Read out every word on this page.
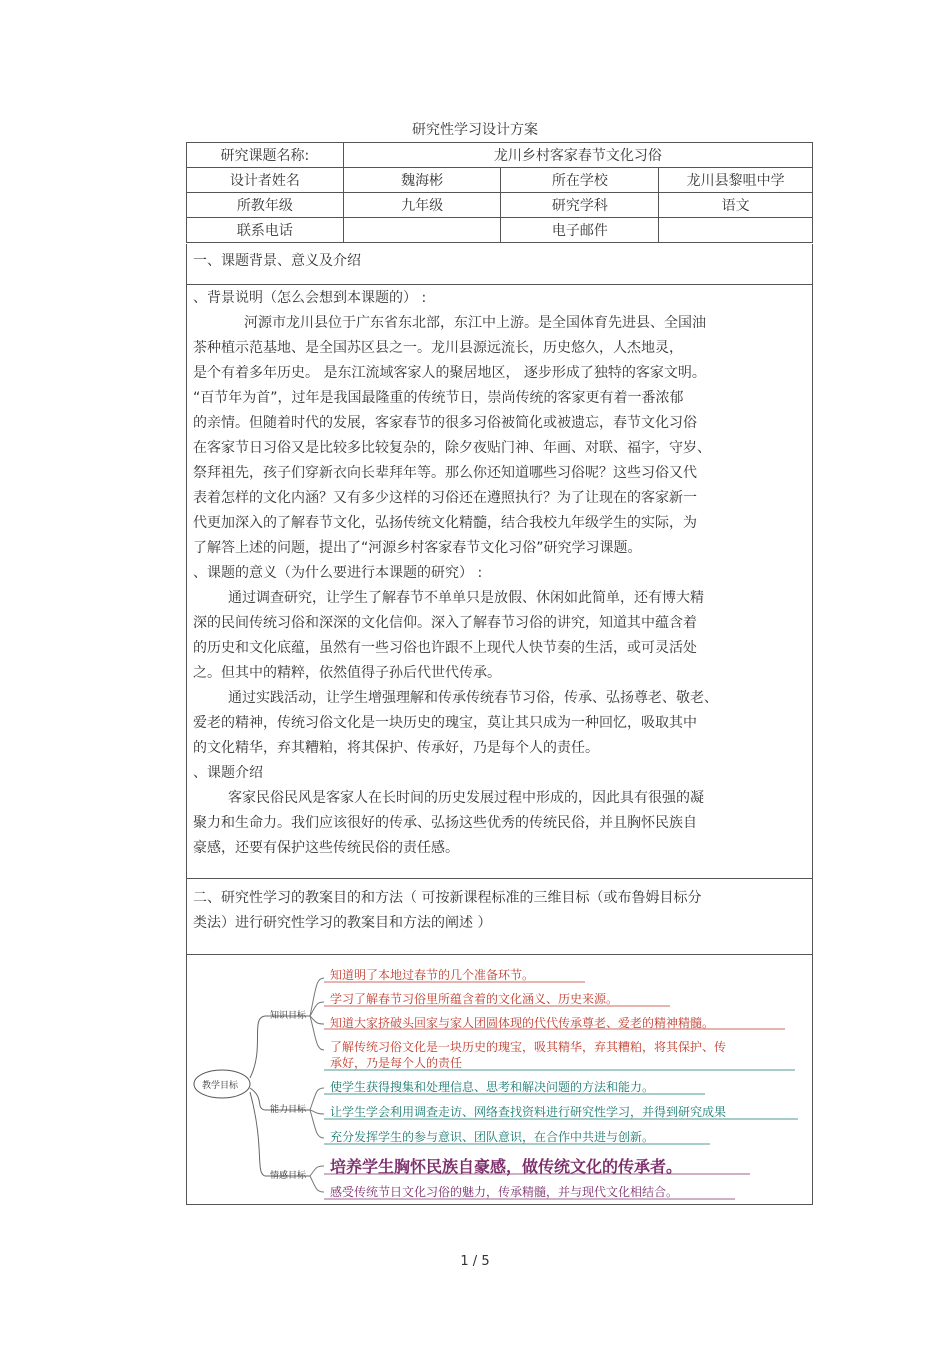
研究性学习设计方案
研究课题名称:	龙川乡村客家春节文化习俗		
设计者姓名	魏海彬	所在学校	龙川县黎咀中学
所教年级	九年级	研究学科	语文
联系电话		电子邮件	
一、课题背景、意义及介绍
、背景说明（怎么会想到本课题的） :
河源市龙川县位于广东省东北部，东江中上游。是全国体育先进县、全国油
茶种植示范基地、是全国苏区县之一。龙川县源远流长，历史悠久，人杰地灵，
是个有着多年历史。 是东江流域客家人的聚居地区， 逐步形成了独特的客家文明。
“百节年为首”，过年是我国最隆重的传统节日，崇尚传统的客家更有着一番浓郁
的亲情。但随着时代的发展，客家春节的很多习俗被简化或被遗忘，春节文化习俗
在客家节日习俗又是比较多比较复杂的，除夕夜贴门神、年画、对联、福字，守岁、
祭拜祖先，孩子们穿新衣向长辈拜年等。那么你还知道哪些习俗呢？这些习俗又代
表着怎样的文化内涵？又有多少这样的习俗还在遵照执行？为了让现在的客家新一
代更加深入的了解春节文化，弘扬传统文化精髓，结合我校九年级学生的实际，为
了解答上述的问题，提出了“河源乡村客家春节文化习俗”研究学习课题。
、课题的意义（为什么要进行本课题的研究） :
通过调查研究，让学生了解春节不单单只是放假、休闲如此简单，还有博大精
深的民间传统习俗和深深的文化信仰。深入了解春节习俗的讲究，知道其中蕴含着
的历史和文化底蕴，虽然有一些习俗也许跟不上现代人快节奏的生活，或可灵活处
之。但其中的精粹，依然值得子孙后代世代传承。
通过实践活动，让学生增强理解和传承传统春节习俗，传承、弘扬尊老、敬老、
爱老的精神，传统习俗文化是一块历史的瑰宝，莫让其只成为一种回忆，吸取其中
的文化精华，弃其糟粕，将其保护、传承好，乃是每个人的责任。
、课题介绍
客家民俗民风是客家人在长时间的历史发展过程中形成的，因此具有很强的凝
聚力和生命力。我们应该很好的传承、弘扬这些优秀的传统民俗，并且胸怀民族自
豪感，还要有保护这些传统民俗的责任感。
二、研究性学习的教案目的和方法（ 可按新课程标准的三维目标（或布鲁姆目标分
类法）进行研究性学习的教案目和方法的阐述 ）
教学目标
知识目标
能力目标
情感目标
知道明了本地过春节的几个准备环节。
学习了解春节习俗里所蕴含着的文化涵义、历史来源。
知道大家挤破头回家与家人团圆体现的代代传承尊老、爱老的精神精髓。
了解传统习俗文化是一块历史的瑰宝，吸其精华，弃其糟粕，将其保护、传
承好，乃是每个人的责任
使学生获得搜集和处理信息、思考和解决问题的方法和能力。
让学生学会利用调查走访、网络查找资料进行研究性学习，并得到研究成果
充分发挥学生的参与意识、团队意识，在合作中共进与创新。
培养学生胸怀民族自豪感，做传统文化的传承者。
感受传统节日文化习俗的魅力，传承精髓，并与现代文化相结合。
1 / 5
